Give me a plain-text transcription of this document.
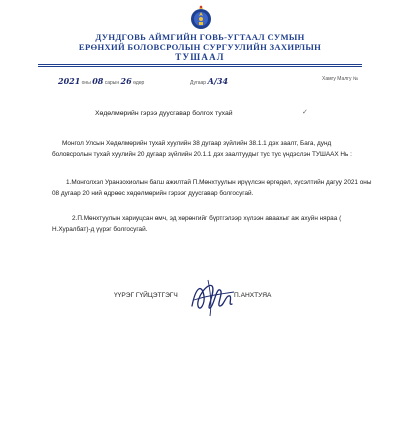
ДУНДГОВЬ АЙМГИЙН ГОВЬ-УГТААЛ СУМЫН
ЕРӨНХИЙ БОЛОВСРОЛЫН СУРГУУЛИЙН ЗАХИРЛЫН
ТУШААЛ
2021 оны 08 сарын 26 өдөр	Дугаар А/34	Хамгу Малгу №
Хөдөлмөрийн гэрээ дуусгавар болгох тухай	✓
Монгол Улсын Хөдөлмөрийн тухай хуулийн 38 дугаар зүйлийн 38.1.1 дэх заалт, Бага, дунд боловсролын тухай хуулийн 20 дугаар зүйлийн 20.1.1 дэх заалтуудыг тус тус үндэслэн ТУШААХ Нь :
1.Монголхэл Уранзохиолын багш ажилтай П.Мөнхтуулын ирүүлсэн өргөдөл, хүсэлтийн дагуу 2021 оны 08 дугаар 20 ний өдрөөс хөдөлмөрийн гэрээг дуусгавар болгосугай.
2.П.Мөнхтуулын хариуцсан өмч, эд хөрөнгийг бүртгэлээр хүлээн аваахыг аж ахуйн няраа ( Н.Хуралбат)-д үүрэг болгосугай.
ҮҮРЭГ ГҮЙЦЭТГЭГЧ	П.АНХТУЯА
